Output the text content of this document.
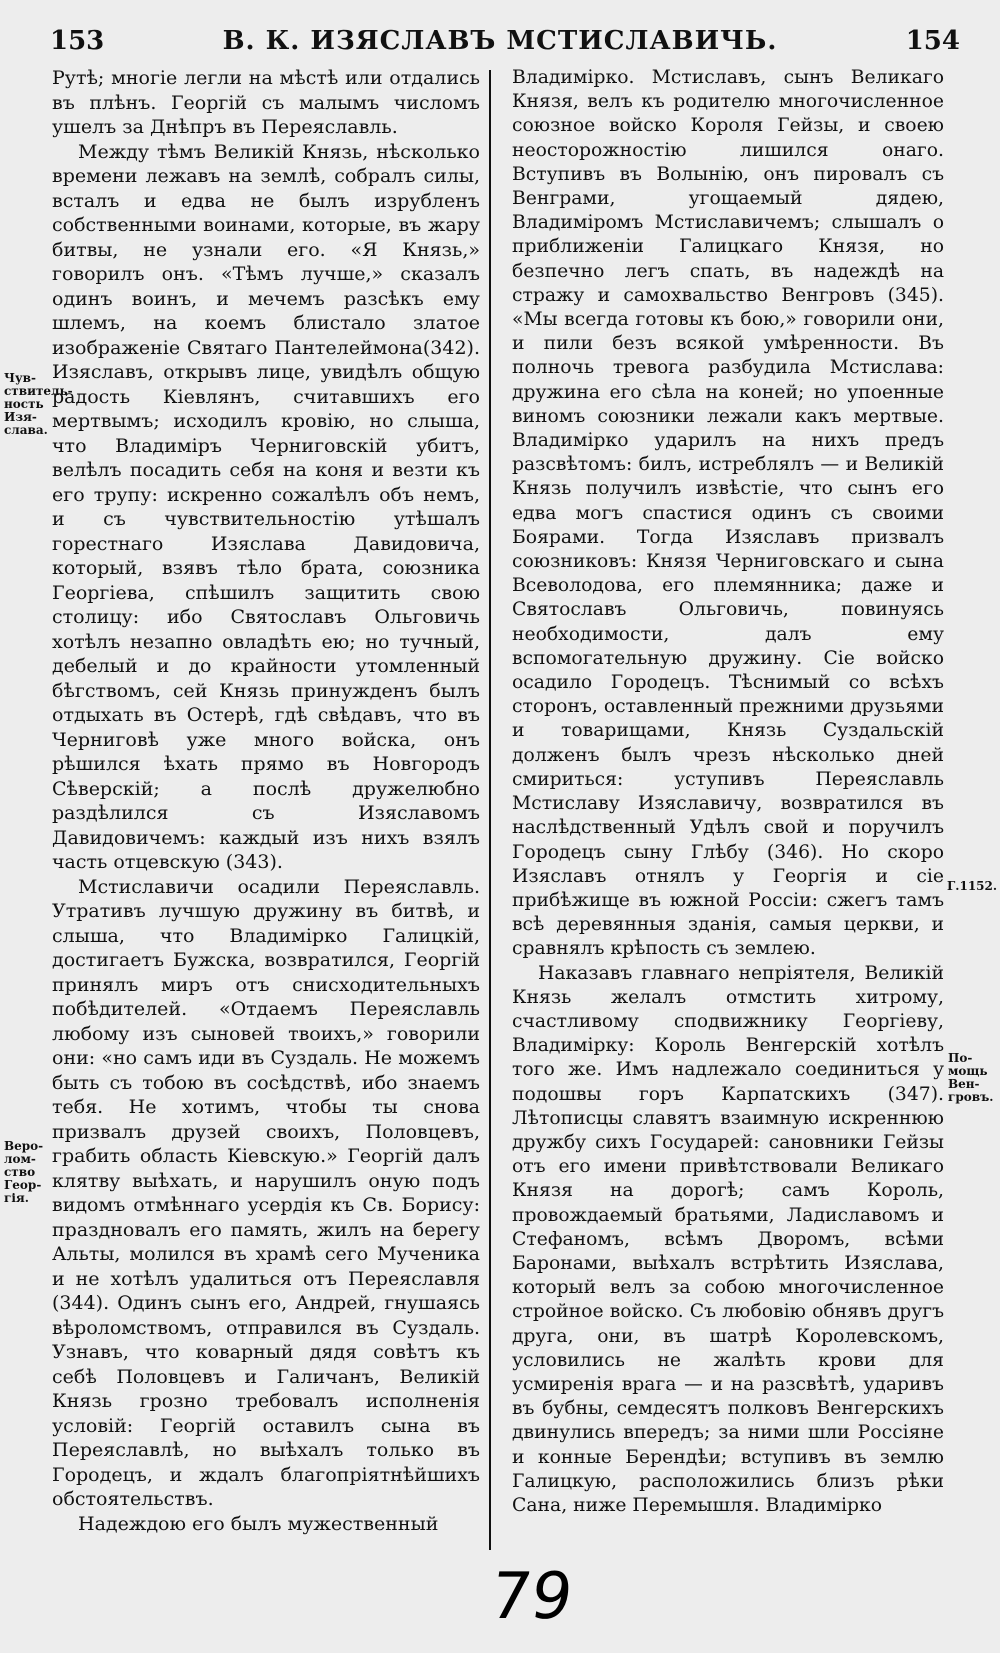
153	В. К. ИЗЯСЛАВЪ МСТИСЛАВИЧЬ.	154
Чув-ствитель-ность Изя-слава.
Веро-лом-ство Геор-гія.
Г.1152.
По-мощь Вен-гровъ.

Рутѣ; многіе легли на мѣстѣ или отдались въ плѣнъ. Георгій съ малымъ числомъ ушелъ за Днѣпръ въ Переяславль.

Между тѣмъ Великій Князь, нѣсколько времени лежавъ на землѣ, собралъ силы, всталъ и едва не былъ изрубленъ собственными воинами, которые, въ жару битвы, не узнали его. «Я Князь,» говорилъ онъ. «Тѣмъ лучше,» сказалъ одинъ воинъ, и мечемъ разсѣкъ ему шлемъ, на коемъ блистало златое изображеніе Святаго Пантелеймона(342). Изяславъ, открывъ лице, увидѣлъ общую радость Кіевлянъ, считавшихъ его мертвымъ; исходилъ кровію, но слыша, что Владиміръ Черниговскій убитъ, велѣлъ посадить себя на коня и везти къ его трупу: искренно сожалѣлъ объ немъ, и съ чувствительностію утѣшалъ горестнаго Изяслава Давидовича, который, взявъ тѣло брата, союзника Георгіева, спѣшилъ защитить свою столицу: ибо Святославъ Ольговичь хотѣлъ незапно овладѣть ею; но тучный, дебелый и до крайности утомленный бѣгствомъ, сей Князь принужденъ былъ отдыхать въ Остерѣ, гдѣ свѣдавъ, что въ Черниговѣ уже много войска, онъ рѣшился ѣхать прямо въ Новгородъ Сѣверскій; а послѣ дружелюбно раздѣлился съ Изяславомъ Давидовичемъ: каждый изъ нихъ взялъ часть отцевскую (343).

Мстиславичи осадили Переяславль. Утративъ лучшую дружину въ битвѣ, и слыша, что Владимірко Галицкій, достигаетъ Бужска, возвратился, Георгій принялъ миръ отъ снисходительныхъ побѣдителей. «Отдаемъ Переяславль любому изъ сыновей твоихъ,» говорили они: «но самъ иди въ Суздаль. Не можемъ быть съ тобою въ сосѣдствѣ, ибо знаемъ тебя. Не хотимъ, чтобы ты снова призвалъ друзей своихъ, Половцевъ, грабить область Кіевскую.» Георгій далъ клятву выѣхать, и нарушилъ оную подъ видомъ отмѣннаго усердія къ Св. Борису: праздновалъ его память, жилъ на берегу Альты, молился въ храмѣ сего Мученика и не хотѣлъ удалиться отъ Переяславля (344). Одинъ сынъ его, Андрей, гнушаясь вѣроломствомъ, отправился въ Суздаль. Узнавъ, что коварный дядя совѣтъ къ себѣ Половцевъ и Галичанъ, Великій Князь грозно требовалъ исполненія условій: Георгій оставилъ сына въ Переяславлѣ, но выѣхалъ только въ Городецъ, и ждалъ благопріятнѣйшихъ обстоятельствъ.

Надеждою его былъ мужественный

Владимірко. Мстиславъ, сынъ Великаго Князя, велъ къ родителю многочисленное союзное войско Короля Гейзы, и своею неосторожностію лишился онаго. Вступивъ въ Волынію, онъ пировалъ съ Венграми, угощаемый дядею, Владиміромъ Мстиславичемъ; слышалъ о приближеніи Галицкаго Князя, но безпечно легъ спать, въ надеждѣ на стражу и самохвальство Венгровъ (345). «Мы всегда готовы къ бою,» говорили они, и пили безъ всякой умѣренности. Въ полночь тревога разбудила Мстислава: дружина его сѣла на коней; но упоенные виномъ союзники лежали какъ мертвые. Владимірко ударилъ на нихъ предъ разсвѣтомъ: билъ, истреблялъ — и Великій Князь получилъ извѣстіе, что сынъ его едва могъ спастися одинъ съ своими Боярами. Тогда Изяславъ призвалъ союзниковъ: Князя Черниговскаго и сына Всеволодова, его племянника; даже и Святославъ Ольговичь, повинуясь необходимости, далъ ему вспомогательную дружину. Сіе войско осадило Городецъ. Тѣснимый со всѣхъ сторонъ, оставленный прежними друзьями и товарищами, Князь Суздальскій долженъ былъ чрезъ нѣсколько дней смириться: уступивъ Переяславль Мстиславу Изяславичу, возвратился въ наслѣдственный Удѣлъ свой и поручилъ Городецъ сыну Глѣбу (346). Но скоро Изяславъ отнялъ у Георгія и сіе прибѣжище въ южной Россіи: сжегъ тамъ всѣ деревянныя зданія, самыя церкви, и сравнялъ крѣпость съ землею.

Наказавъ главнаго непріятеля, Великій Князь желалъ отмстить хитрому, счастливому сподвижнику Георгіеву, Владимірку: Король Венгерскій хотѣлъ того же. Имъ надлежало соединиться у подошвы горъ Карпатскихъ (347). Лѣтописцы славятъ взаимную искреннюю дружбу сихъ Государей: сановники Гейзы отъ его имени привѣтствовали Великаго Князя на дорогѣ; самъ Король, провождаемый братьями, Ладиславомъ и Стефаномъ, всѣмъ Дворомъ, всѣми Баронами, выѣхалъ встрѣтить Изяслава, который велъ за собою многочисленное стройное войско. Съ любовію обнявъ другъ друга, они, въ шатрѣ Королевскомъ, условились не жалѣть крови для усмиренія врага — и на разсвѣтѣ, ударивъ въ бубны, семдесятъ полковъ Венгерскихъ двинулись впередъ; за ними шли Россіяне и конные Берендѣи; вступивъ въ землю Галицкую, расположились близъ рѣки Сана, ниже Перемышля. Владимірко

79
